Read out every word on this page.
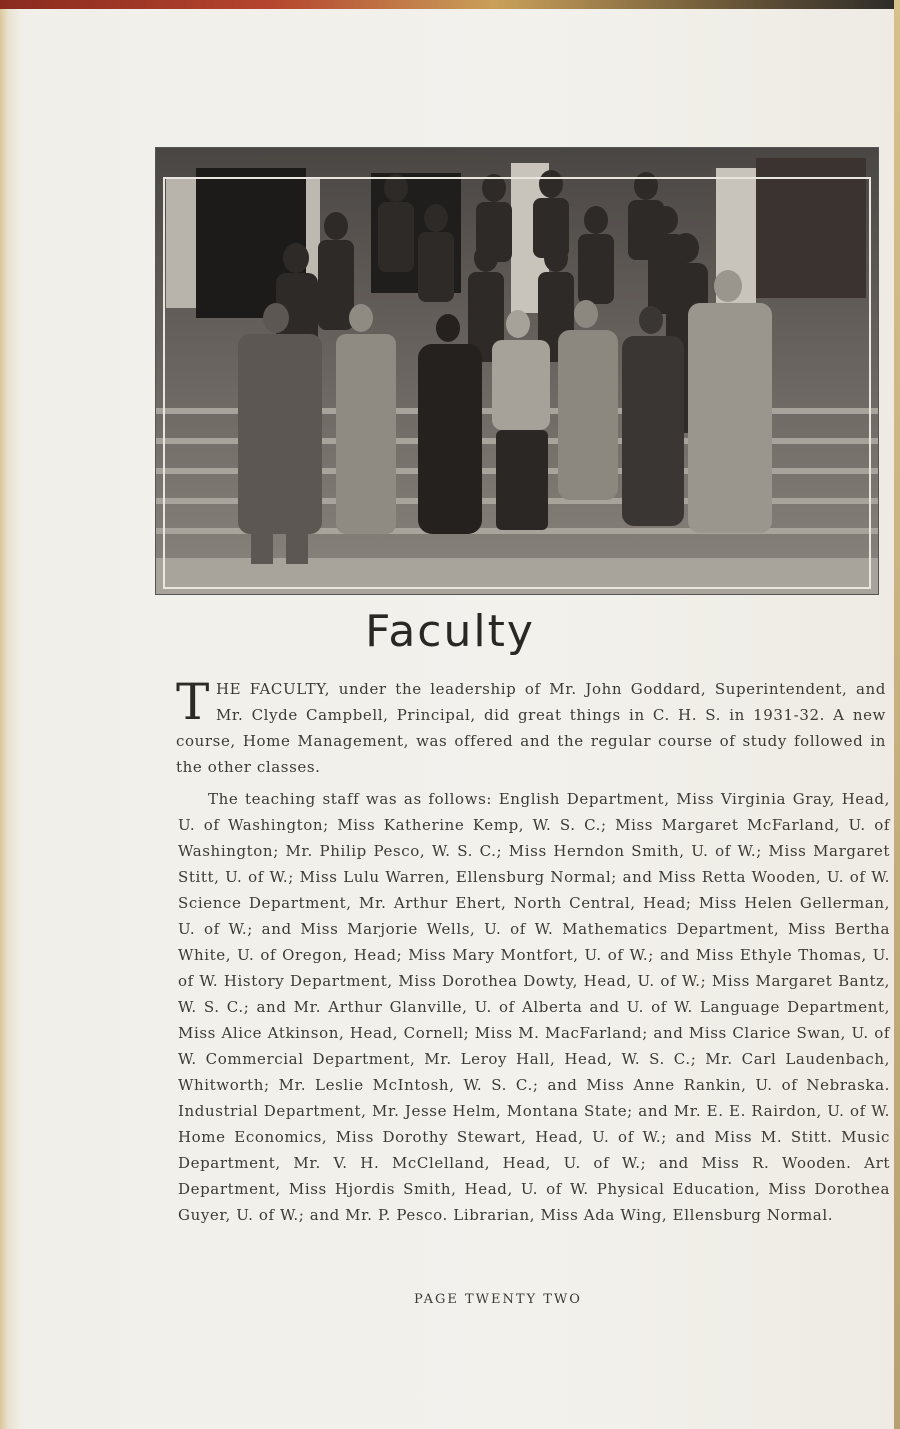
Faculty
THE FACULTY, under the leadership of Mr. John Goddard, Superintendent, and Mr. Clyde Campbell, Principal, did great things in C. H. S. in 1931-32. A new course, Home Management, was offered and the regular course of study followed in the other classes.
The teaching staff was as follows: English Department, Miss Virginia Gray, Head, U. of Washington; Miss Katherine Kemp, W. S. C.; Miss Margaret McFarland, U. of Washington; Mr. Philip Pesco, W. S. C.; Miss Herndon Smith, U. of W.; Miss Margaret Stitt, U. of W.; Miss Lulu Warren, Ellensburg Normal; and Miss Retta Wooden, U. of W. Science Department, Mr. Arthur Ehert, North Central, Head; Miss Helen Gellerman, U. of W.; and Miss Marjorie Wells, U. of W. Mathematics Department, Miss Bertha White, U. of Oregon, Head; Miss Mary Montfort, U. of W.; and Miss Ethyle Thomas, U. of W. History Department, Miss Dorothea Dowty, Head, U. of W.; Miss Margaret Bantz, W. S. C.; and Mr. Arthur Glanville, U. of Alberta and U. of W. Language Department, Miss Alice Atkinson, Head, Cornell; Miss M. MacFarland; and Miss Clarice Swan, U. of W. Commercial Department, Mr. Leroy Hall, Head, W. S. C.; Mr. Carl Laudenbach, Whitworth; Mr. Leslie McIntosh, W. S. C.; and Miss Anne Rankin, U. of Nebraska. Industrial Department, Mr. Jesse Helm, Montana State; and Mr. E. E. Rairdon, U. of W. Home Economics, Miss Dorothy Stewart, Head, U. of W.; and Miss M. Stitt. Music Department, Mr. V. H. McClelland, Head, U. of W.; and Miss R. Wooden. Art Department, Miss Hjordis Smith, Head, U. of W. Physical Education, Miss Dorothea Guyer, U. of W.; and Mr. P. Pesco. Librarian, Miss Ada Wing, Ellensburg Normal.
PAGE TWENTY TWO
